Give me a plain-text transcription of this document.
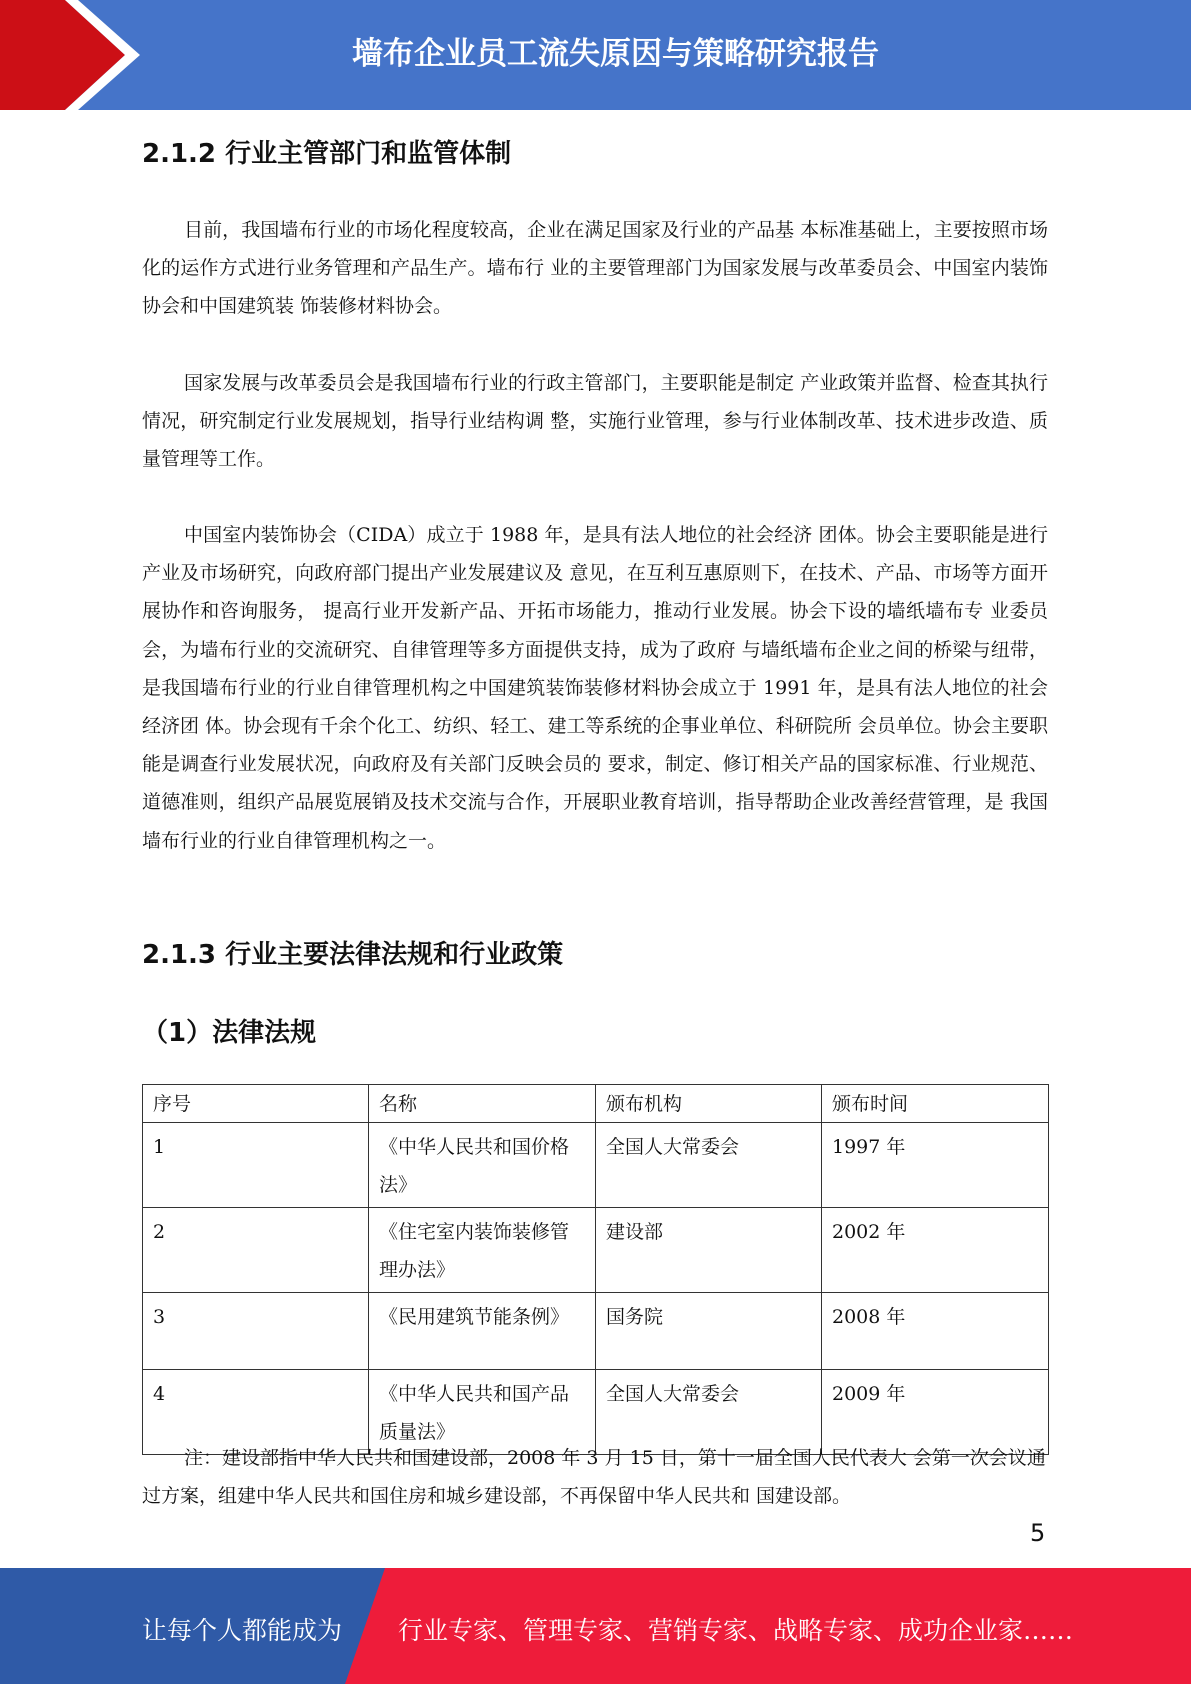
墙布企业员工流失原因与策略研究报告
2.1.2 行业主管部门和监管体制

目前，我国墙布行业的市场化程度较高，企业在满足国家及行业的产品基 本标准基础上，主要按照市场化的运作方式进行业务管理和产品生产。墙布行 业的主要管理部门为国家发展与改革委员会、中国室内装饰协会和中国建筑装 饰装修材料协会。

国家发展与改革委员会是我国墙布行业的行政主管部门，主要职能是制定 产业政策并监督、检查其执行情况，研究制定行业发展规划，指导行业结构调 整，实施行业管理，参与行业体制改革、技术进步改造、质量管理等工作。

中国室内装饰协会（CIDA）成立于 1988 年，是具有法人地位的社会经济 团体。协会主要职能是进行产业及市场研究，向政府部门提出产业发展建议及 意见，在互利互惠原则下，在技术、产品、市场等方面开展协作和咨询服务， 提高行业开发新产品、开拓市场能力，推动行业发展。协会下设的墙纸墙布专 业委员会，为墙布行业的交流研究、自律管理等多方面提供支持，成为了政府 与墙纸墙布企业之间的桥梁与纽带，是我国墙布行业的行业自律管理机构之中国建筑装饰装修材料协会成立于 1991 年，是具有法人地位的社会经济团 体。协会现有千余个化工、纺织、轻工、建工等系统的企事业单位、科研院所 会员单位。协会主要职能是调查行业发展状况，向政府及有关部门反映会员的 要求，制定、修订相关产品的国家标准、行业规范、道德准则，组织产品展览展销及技术交流与合作，开展职业教育培训，指导帮助企业改善经营管理，是 我国墙布行业的行业自律管理机构之一。

2.1.3 行业主要法律法规和行业政策
（1）法律法规
序号	名称	颁布机构	颁布时间
1	《中华人民共和国价格法》	全国人大常委会	1997 年
2	《住宅室内装饰装修管理办法》	建设部	2002 年
3	《民用建筑节能条例》	国务院	2008 年
4	《中华人民共和国产品质量法》	全国人大常委会	2009 年

注：建设部指中华人民共和国建设部，2008 年 3 月 15 日，第十一届全国人民代表大 会第一次会议通过方案，组建中华人民共和国住房和城乡建设部，不再保留中华人民共和 国建设部。

5
让每个人都能成为 行业专家、管理专家、营销专家、战略专家、成功企业家……
